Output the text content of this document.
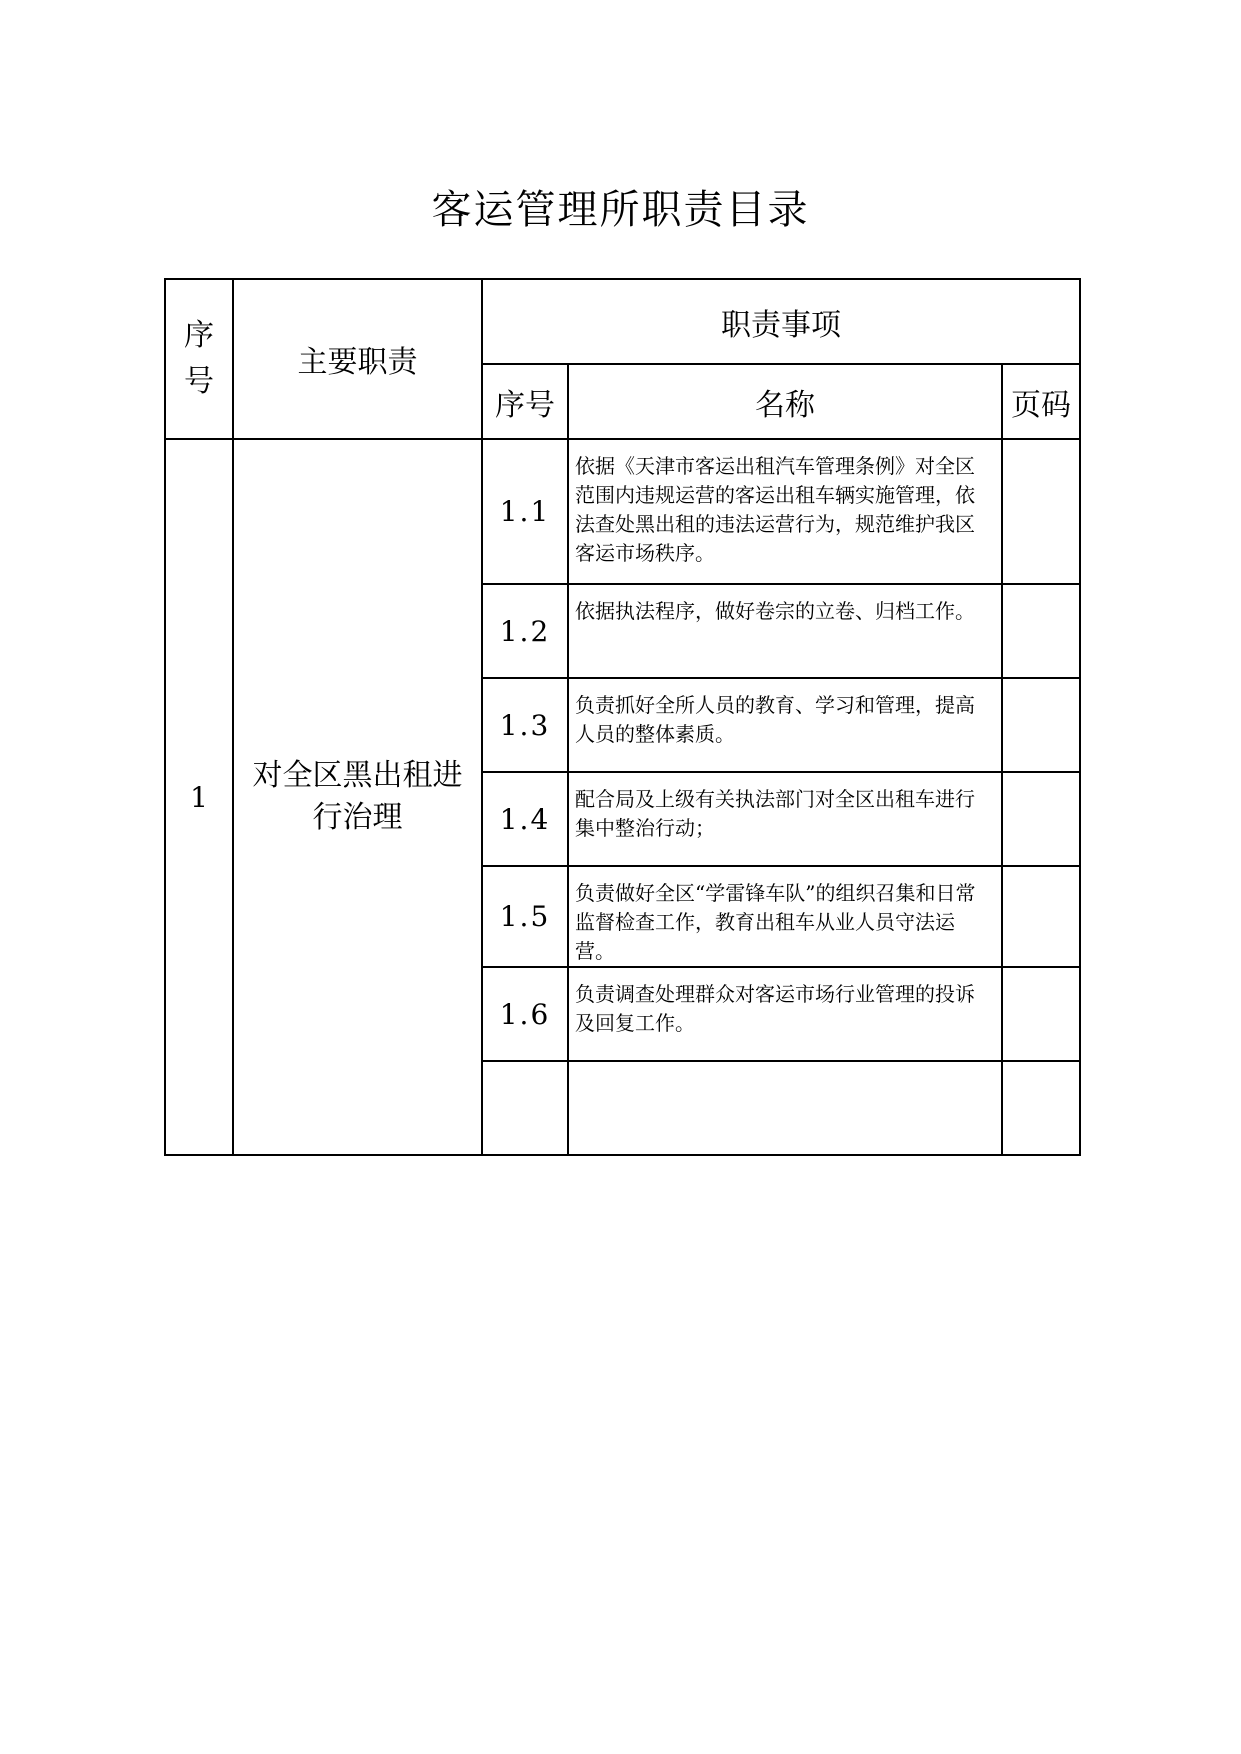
客运管理所职责目录
序
号	主要职责	职责事项		
		序号	名称	页码
1	对全区黑出租进行治理	1.1	依据《天津市客运出租汽车管理条例》对全区范围内违规运营的客运出租车辆实施管理，依法查处黑出租的违法运营行为，规范维护我区客运市场秩序。	
		1.2	依据执法程序，做好卷宗的立卷、归档工作。	
		1.3	负责抓好全所人员的教育、学习和管理，提高人员的整体素质。	
		1.4	配合局及上级有关执法部门对全区出租车进行集中整治行动；	
		1.5	负责做好全区“学雷锋车队”的组织召集和日常监督检查工作，教育出租车从业人员守法运营。	
		1.6	负责调查处理群众对客运市场行业管理的投诉及回复工作。	
